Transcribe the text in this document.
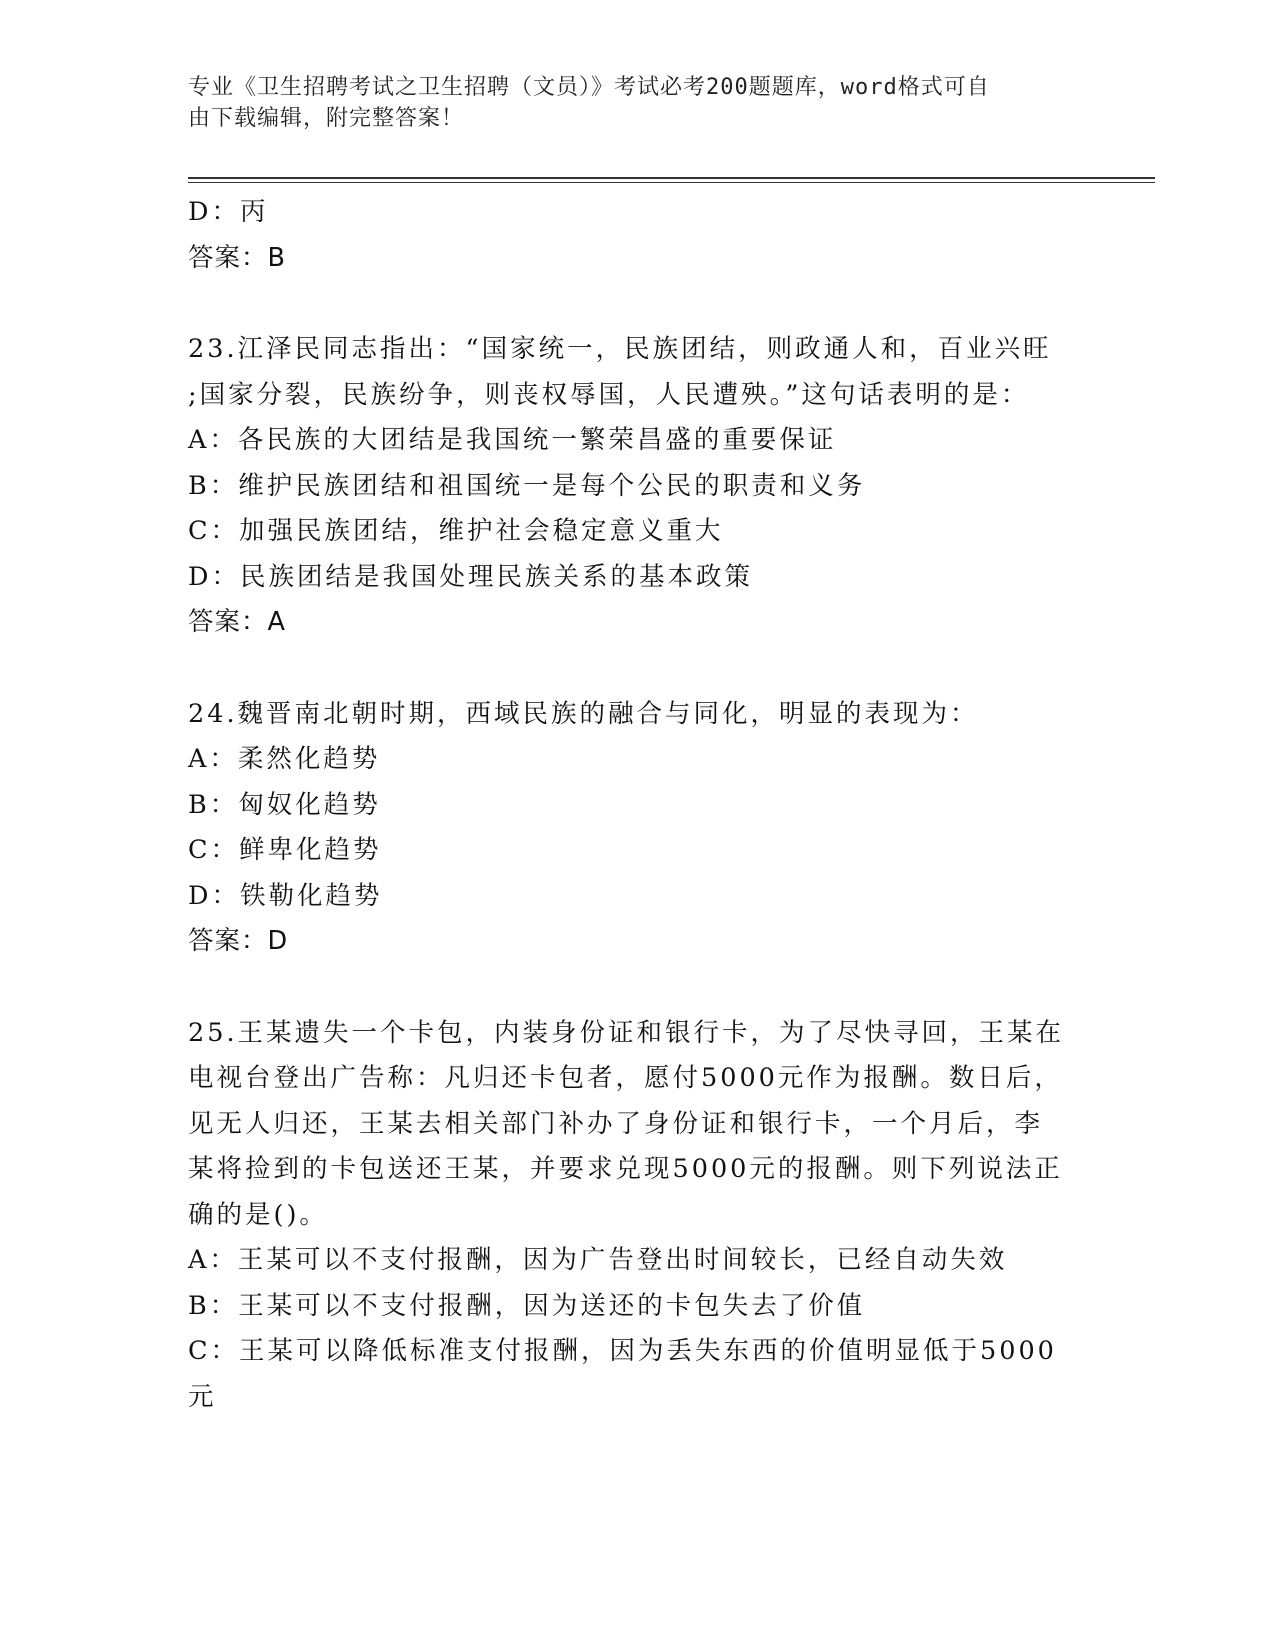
专业《卫生招聘考试之卫生招聘（文员）》考试必考200题题库，word格式可自
由下载编辑，附完整答案！
D：丙
答案：B
23.江泽民同志指出：“国家统一，民族团结，则政通人和，百业兴旺
;国家分裂，民族纷争，则丧权辱国，人民遭殃。”这句话表明的是：
A：各民族的大团结是我国统一繁荣昌盛的重要保证
B：维护民族团结和祖国统一是每个公民的职责和义务
C：加强民族团结，维护社会稳定意义重大
D：民族团结是我国处理民族关系的基本政策
答案：A
24.魏晋南北朝时期，西域民族的融合与同化，明显的表现为：
A：柔然化趋势
B：匈奴化趋势
C：鲜卑化趋势
D：铁勒化趋势
答案：D
25.王某遗失一个卡包，内装身份证和银行卡，为了尽快寻回，王某在
电视台登出广告称：凡归还卡包者，愿付5000元作为报酬。数日后，
见无人归还，王某去相关部门补办了身份证和银行卡，一个月后，李
某将捡到的卡包送还王某，并要求兑现5000元的报酬。则下列说法正
确的是()。
A：王某可以不支付报酬，因为广告登出时间较长，已经自动失效
B：王某可以不支付报酬，因为送还的卡包失去了价值
C：王某可以降低标准支付报酬，因为丢失东西的价值明显低于5000
元
